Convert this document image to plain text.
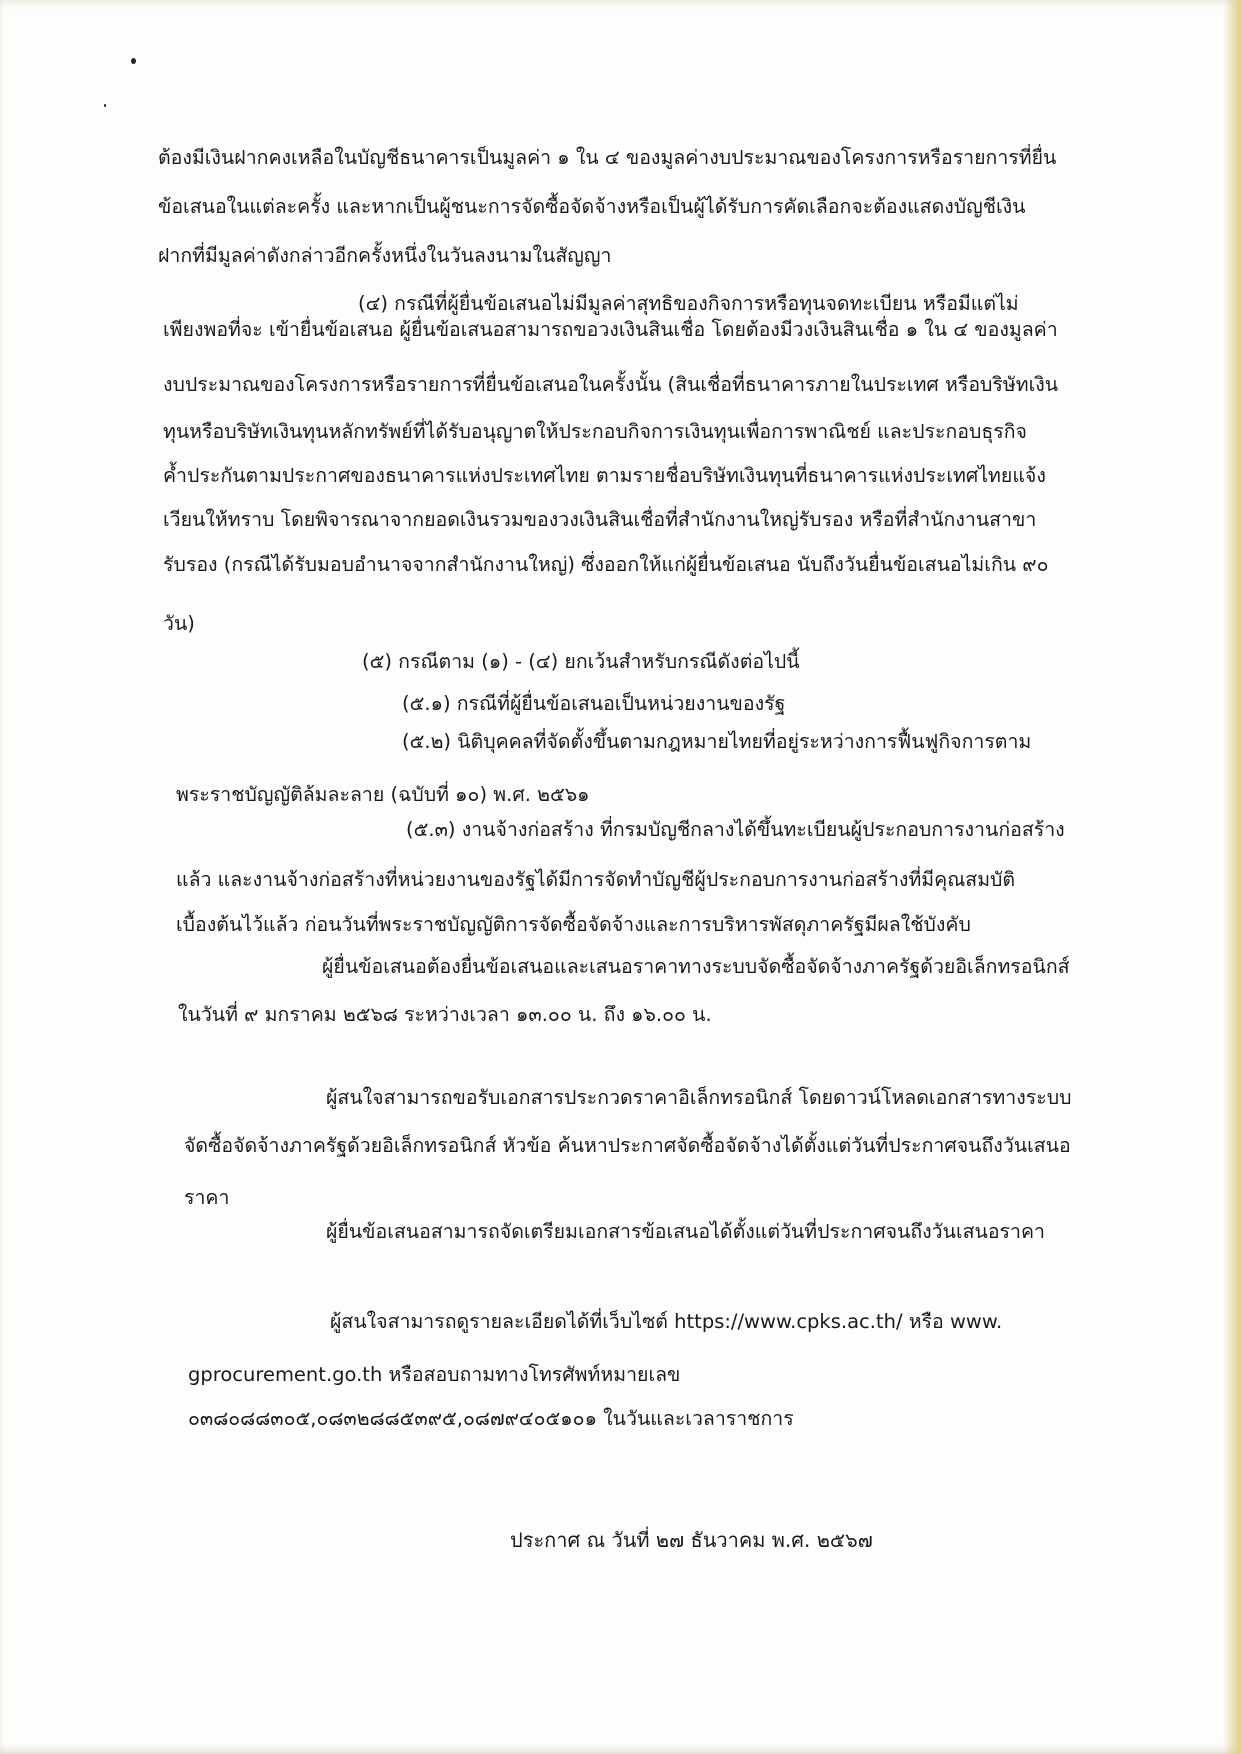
ต้องมีเงินฝากคงเหลือในบัญชีธนาคารเป็นมูลค่า ๑ ใน ๔ ของมูลค่างบประมาณของโครงการหรือรายการที่ยื่น
ข้อเสนอในแต่ละครั้ง และหากเป็นผู้ชนะการจัดซื้อจัดจ้างหรือเป็นผู้ได้รับการคัดเลือกจะต้องแสดงบัญชีเงิน
ฝากที่มีมูลค่าดังกล่าวอีกครั้งหนึ่งในวันลงนามในสัญญา
(๔) กรณีที่ผู้ยื่นข้อเสนอไม่มีมูลค่าสุทธิของกิจการหรือทุนจดทะเบียน หรือมีแต่ไม่
เพียงพอที่จะ เข้ายื่นข้อเสนอ ผู้ยื่นข้อเสนอสามารถขอวงเงินสินเชื่อ โดยต้องมีวงเงินสินเชื่อ ๑ ใน ๔ ของมูลค่า
งบประมาณของโครงการหรือรายการที่ยื่นข้อเสนอในครั้งนั้น (สินเชื่อที่ธนาคารภายในประเทศ หรือบริษัทเงิน
ทุนหรือบริษัทเงินทุนหลักทรัพย์ที่ได้รับอนุญาตให้ประกอบกิจการเงินทุนเพื่อการพาณิชย์ และประกอบธุรกิจ
ค้ำประกันตามประกาศของธนาคารแห่งประเทศไทย ตามรายชื่อบริษัทเงินทุนที่ธนาคารแห่งประเทศไทยแจ้ง
เวียนให้ทราบ โดยพิจารณาจากยอดเงินรวมของวงเงินสินเชื่อที่สำนักงานใหญ่รับรอง หรือที่สำนักงานสาขา
รับรอง (กรณีได้รับมอบอำนาจจากสำนักงานใหญ่) ซึ่งออกให้แก่ผู้ยื่นข้อเสนอ นับถึงวันยื่นข้อเสนอไม่เกิน ๙๐
วัน)
(๕) กรณีตาม (๑) - (๔) ยกเว้นสำหรับกรณีดังต่อไปนี้
(๕.๑) กรณีที่ผู้ยื่นข้อเสนอเป็นหน่วยงานของรัฐ
(๕.๒) นิติบุคคลที่จัดตั้งขึ้นตามกฎหมายไทยที่อยู่ระหว่างการฟื้นฟูกิจการตาม
พระราชบัญญัติล้มละลาย (ฉบับที่ ๑๐) พ.ศ. ๒๕๖๑
(๕.๓) งานจ้างก่อสร้าง ที่กรมบัญชีกลางได้ขึ้นทะเบียนผู้ประกอบการงานก่อสร้าง
แล้ว และงานจ้างก่อสร้างที่หน่วยงานของรัฐได้มีการจัดทำบัญชีผู้ประกอบการงานก่อสร้างที่มีคุณสมบัติ
เบื้องต้นไว้แล้ว ก่อนวันที่พระราชบัญญัติการจัดซื้อจัดจ้างและการบริหารพัสดุภาครัฐมีผลใช้บังคับ
ผู้ยื่นข้อเสนอต้องยื่นข้อเสนอและเสนอราคาทางระบบจัดซื้อจัดจ้างภาครัฐด้วยอิเล็กทรอนิกส์
ในวันที่ ๙ มกราคม ๒๕๖๘ ระหว่างเวลา ๑๓.๐๐ น. ถึง ๑๖.๐๐ น.
ผู้สนใจสามารถขอรับเอกสารประกวดราคาอิเล็กทรอนิกส์ โดยดาวน์โหลดเอกสารทางระบบ
จัดซื้อจัดจ้างภาครัฐด้วยอิเล็กทรอนิกส์ หัวข้อ ค้นหาประกาศจัดซื้อจัดจ้างได้ตั้งแต่วันที่ประกาศจนถึงวันเสนอ
ราคา
ผู้ยื่นข้อเสนอสามารถจัดเตรียมเอกสารข้อเสนอได้ตั้งแต่วันที่ประกาศจนถึงวันเสนอราคา
ผู้สนใจสามารถดูรายละเอียดได้ที่เว็บไซต์ https://www.cpks.ac.th/ หรือ www.
gprocurement.go.th หรือสอบถามทางโทรศัพท์หมายเลข
๐๓๘๐๘๘๓๐๕,๐๘๓๒๘๘๕๓๙๕,๐๘๗๙๔๐๕๑๐๑ ในวันและเวลาราชการ
ประกาศ ณ วันที่ ๒๗ ธันวาคม พ.ศ. ๒๕๖๗
